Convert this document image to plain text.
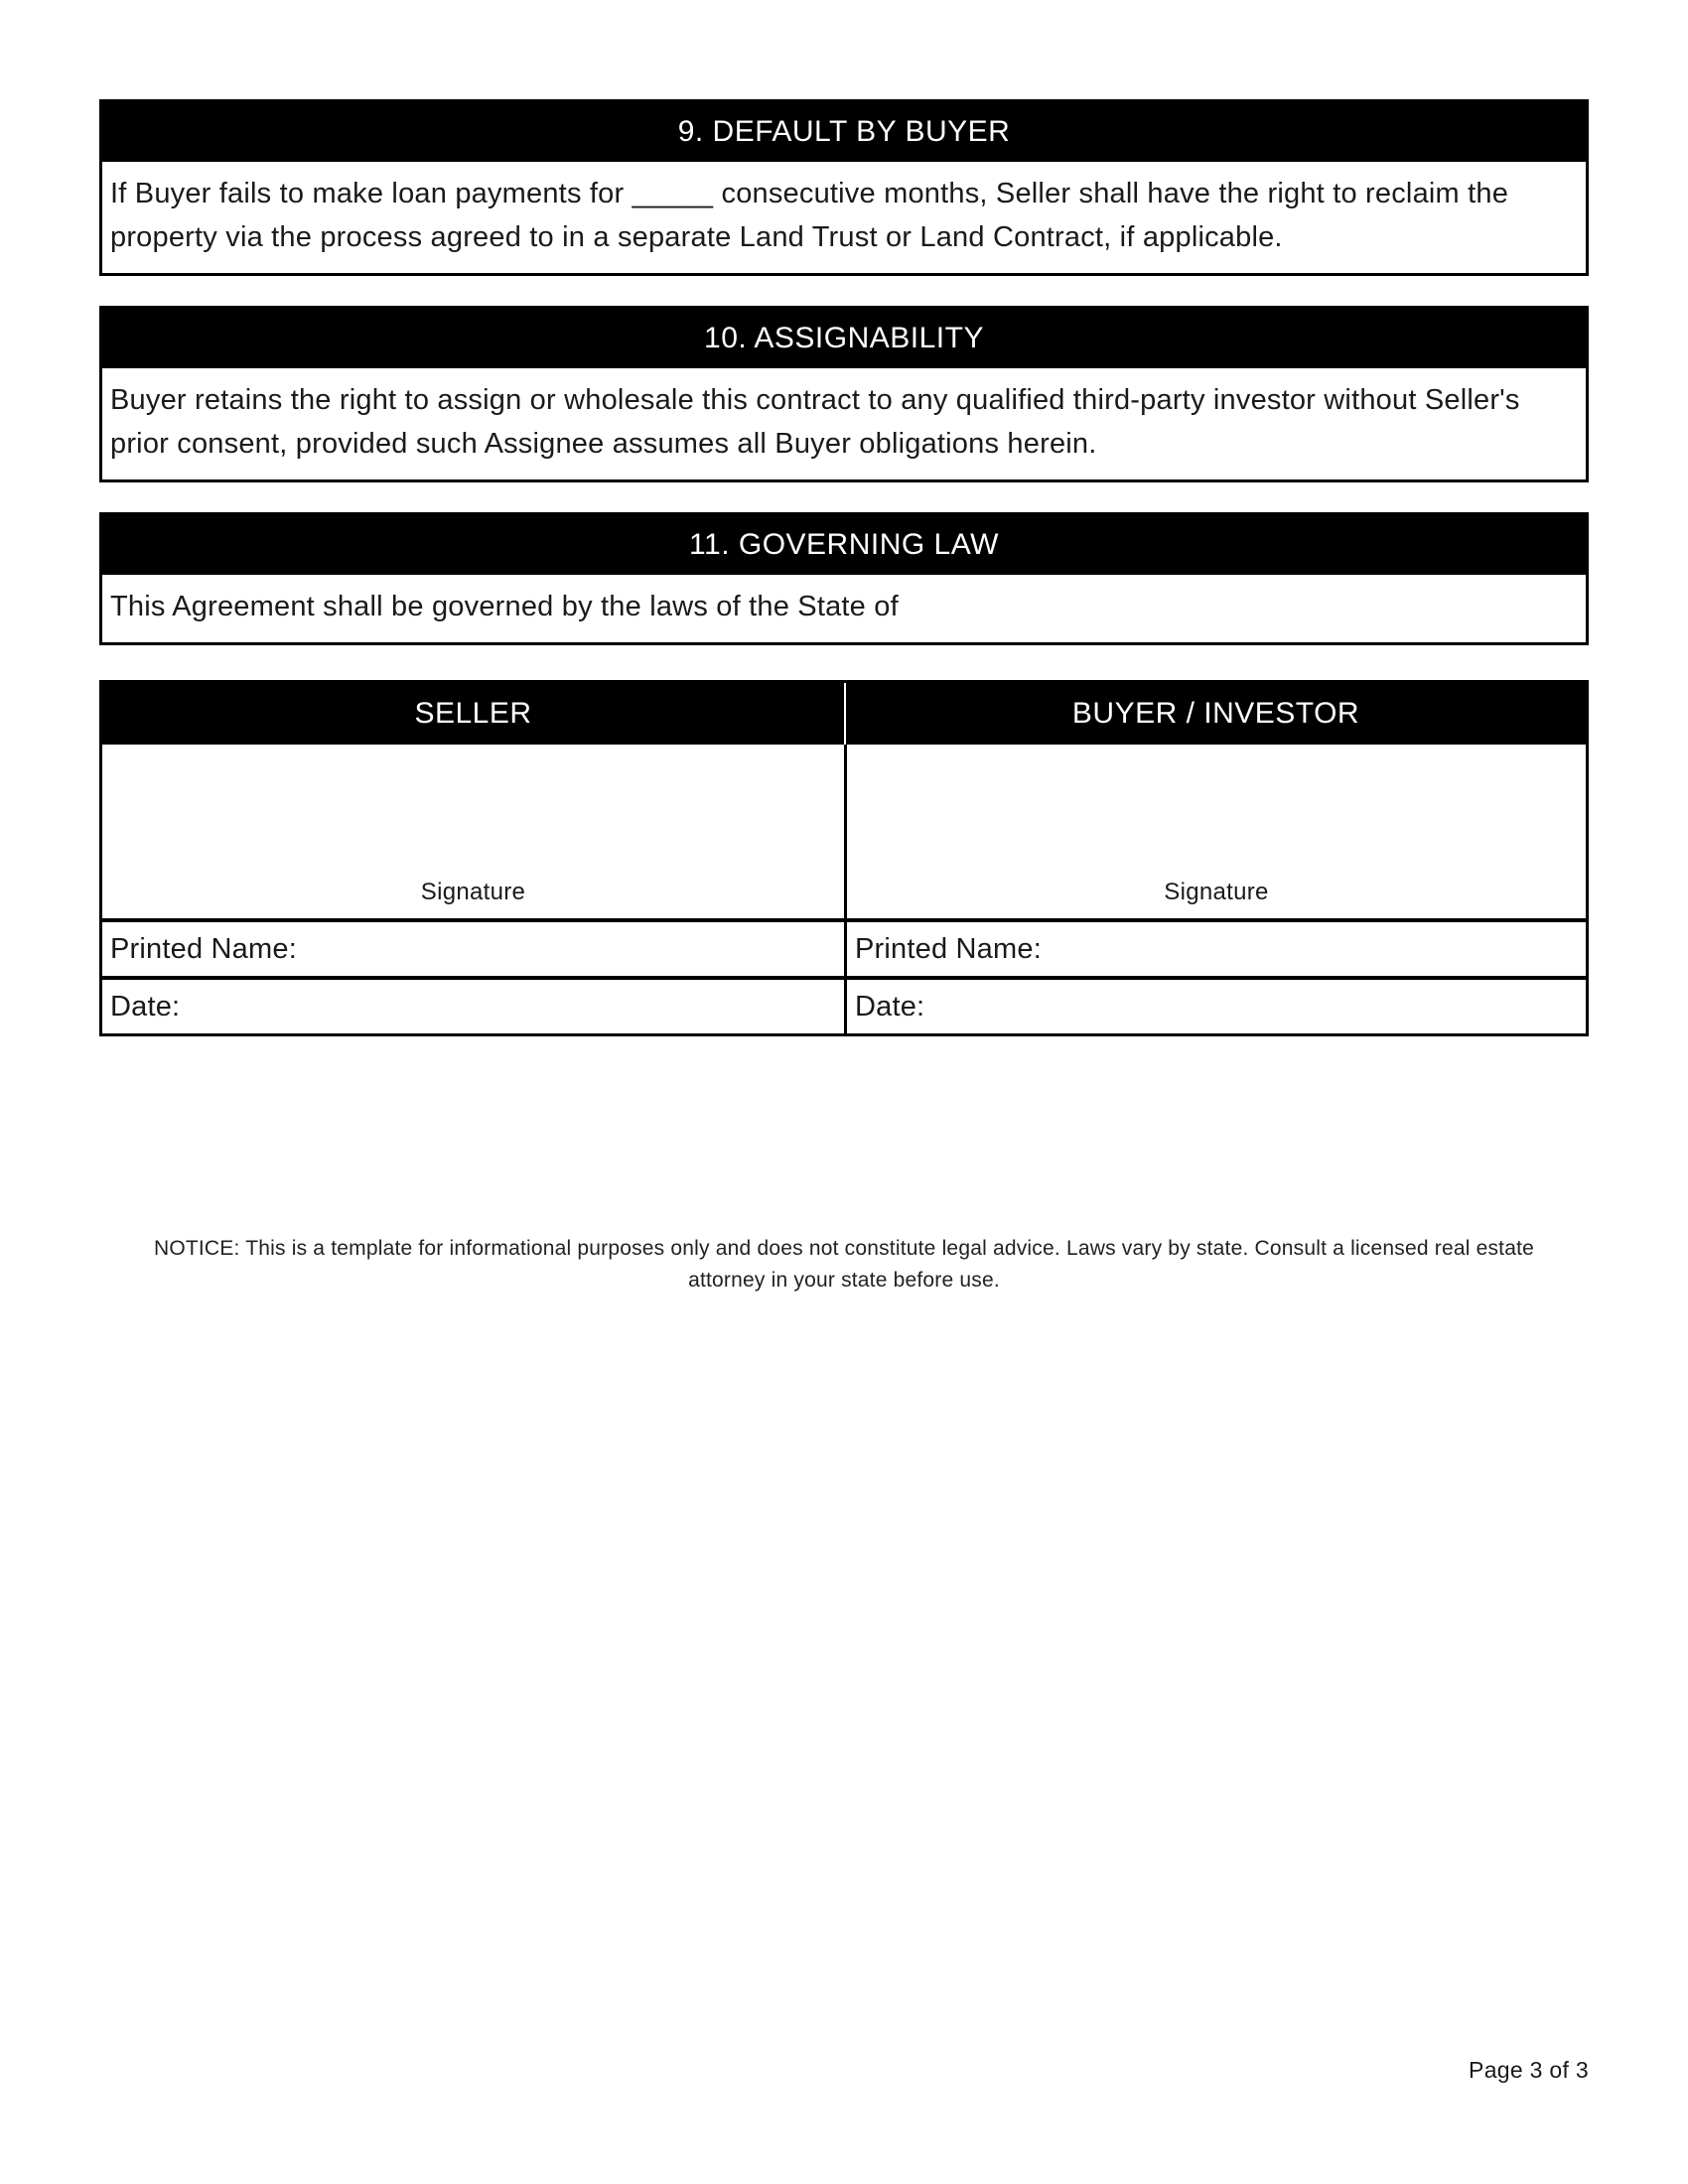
9. DEFAULT BY BUYER
If Buyer fails to make loan payments for _____ consecutive months, Seller shall have the right to reclaim the property via the process agreed to in a separate Land Trust or Land Contract, if applicable.
10. ASSIGNABILITY
Buyer retains the right to assign or wholesale this contract to any qualified third-party investor without Seller's prior consent, provided such Assignee assumes all Buyer obligations herein.
11. GOVERNING LAW
This Agreement shall be governed by the laws of the State of
SELLER	BUYER / INVESTOR
Signature	Signature
Printed Name:	Printed Name:
Date:	Date:
NOTICE: This is a template for informational purposes only and does not constitute legal advice. Laws vary by state. Consult a licensed real estate attorney in your state before use.
Page 3 of 3
